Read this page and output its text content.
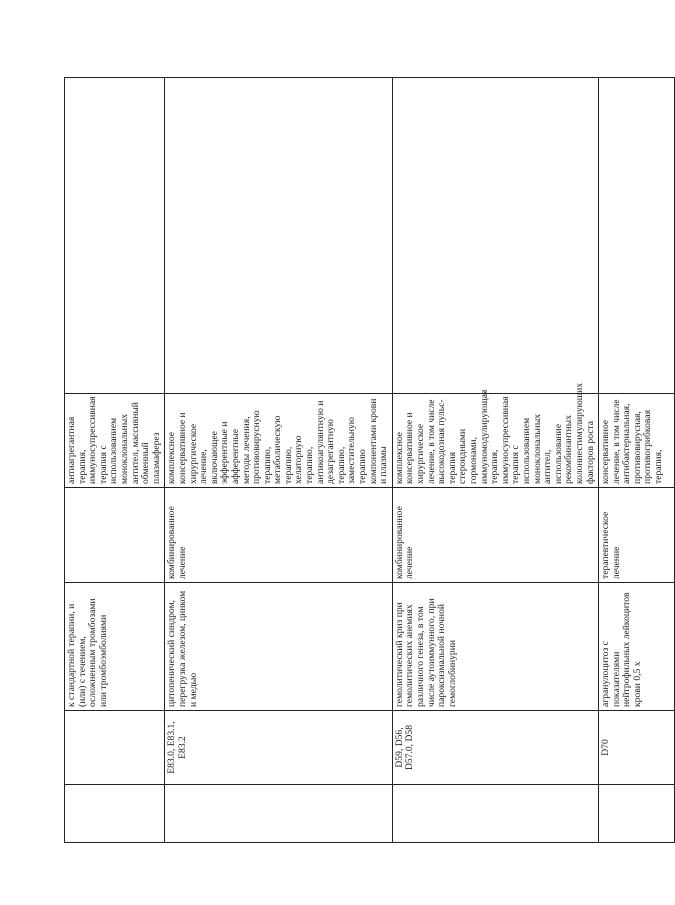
		к стандартной терапии, и (или) с течением, осложненным тромбозами или тромбоэмболиями		антиагрегантная терапия, иммуносупрессивная терапия с использованием моноклональных антител, массивный обменный плазмаферез	
	E83.0, E83.1, E83.2	цитопенический синдром, перегрузка железом, цинком и медью	комбинированное лечение	комплексное консервативное и хирургическое лечение, включающее эфферентные и афферентные методы лечения, противовирусную терапию, метаболическую терапию, хелаторную терапию, антикоагулянтную и дезагрегантную терапию, заместительную терапию компонентами крови и плазмы	
	D59, D56, D57.0, D58	гемолитический криз при гемолитических анемиях различного генеза, в том числе аутоиммунного, при пароксизмальной ночной гемоглобинурии	комбинированное лечение	комплексное консервативное и хирургическое лечение, в том числе высокодозная пульс-терапия стероидными гормонами, иммуномодулирующая терапия, иммуносупрессивная терапия с использованием моноклональных антител, использование рекомбинантных колониестимулирующих факторов роста	
	D70	агранулоцитоз с показателями нейтрофильных лейкоцитов крови 0,5 х	терапевтическое лечение	консервативное лечение, в том числе антибактериальная, противовирусная, противогрибковая терапия,	
